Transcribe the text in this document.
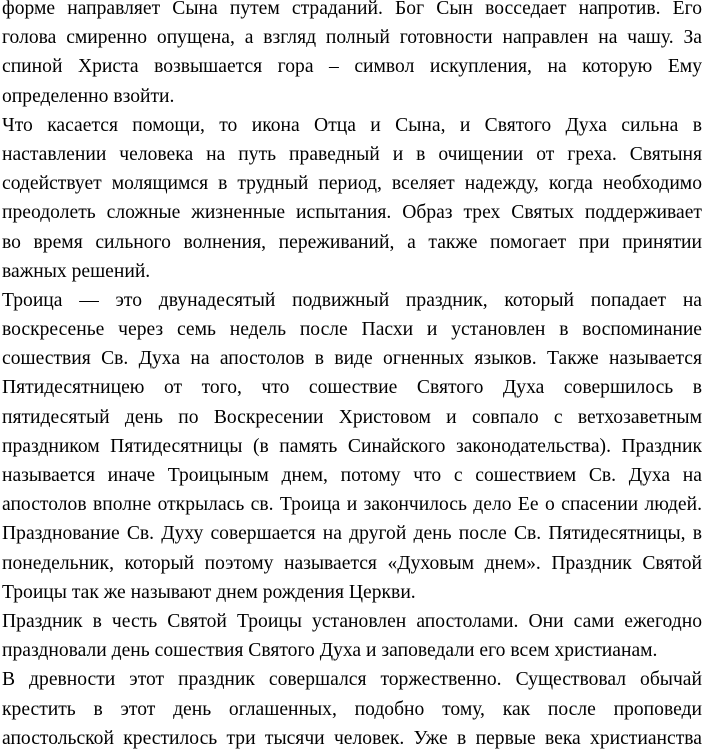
форме направляет Сына путем страданий. Бог Сын восседает напротив. Его
голова смиренно опущена, а взгляд полный готовности направлен на чашу. За
спиной Христа возвышается гора – символ искупления, на которую Ему
определенно взойти.
Что касается помощи, то икона Отца и Сына, и Святого Духа сильна в
наставлении человека на путь праведный и в очищении от греха. Святыня
содействует молящимся в трудный период, вселяет надежду, когда необходимо
преодолеть сложные жизненные испытания. Образ трех Святых поддерживает
во время сильного волнения, переживаний, а также помогает при принятии
важных решений.
Троица — это двунадесятый подвижный праздник, который попадает на
воскресенье через семь недель после Пасхи и установлен в воспоминание
сошествия Св. Духа на апостолов в виде огненных языков. Также называется
Пятидесятницею от того, что сошествие Святого Духа совершилось в
пятидесятый день по Воскресении Христовом и совпало с ветхозаветным
праздником Пятидесятницы (в память Синайского законодательства). Праздник
называется иначе Троицыным днем, потому что с сошествием Св. Духа на
апостолов вполне открылась св. Троица и закончилось дело Ее о спасении людей.
Празднование Св. Духу совершается на другой день после Св. Пятидесятницы, в
понедельник, который поэтому называется «Духовым днем». Праздник Святой
Троицы так же называют днем рождения Церкви.
Праздник в честь Святой Троицы установлен апостолами. Они сами ежегодно
праздновали день сошествия Святого Духа и заповедали его всем христианам.
В древности этот праздник совершался торжественно. Существовал обычай
крестить в этот день оглашенных, подобно тому, как после проповеди
апостольской крестилось три тысячи человек. Уже в первые века христианства
